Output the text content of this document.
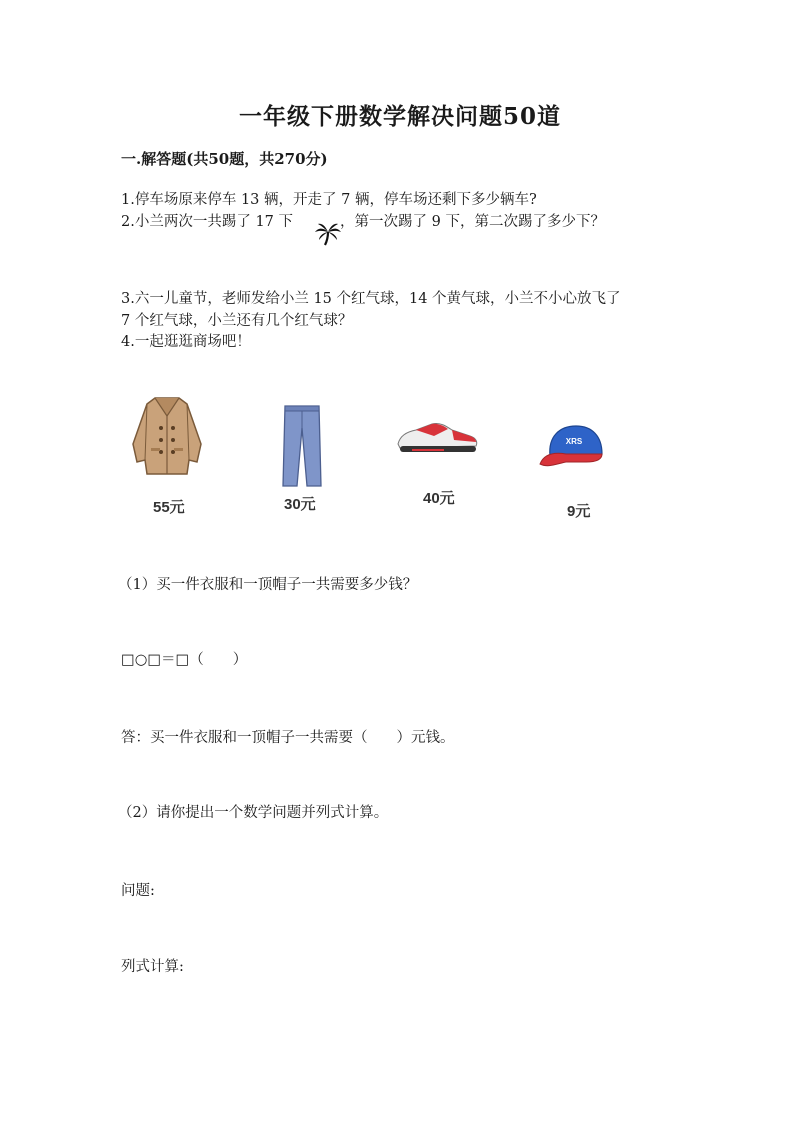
一年级下册数学解决问题50道
一.解答题(共50题，共270分)
1.停车场原来停车 13 辆，开走了 7 辆，停车场还剩下多少辆车?
2.小兰两次一共踢了 17 下	，第一次踢了 9 下，第二次踢了多少下？
3.六一儿童节，老师发给小兰 15 个红气球，14 个黄气球，小兰不小心放飞了
7 个红气球，小兰还有几个红气球？
4.一起逛逛商场吧！
XRS
55元	30元	40元
9元
（1）买一件衣服和一顶帽子一共需要多少钱？
□○□＝□（　　）
答：买一件衣服和一顶帽子一共需要（　　）元钱。
（2）请你提出一个数学问题并列式计算。
问题:
列式计算:
